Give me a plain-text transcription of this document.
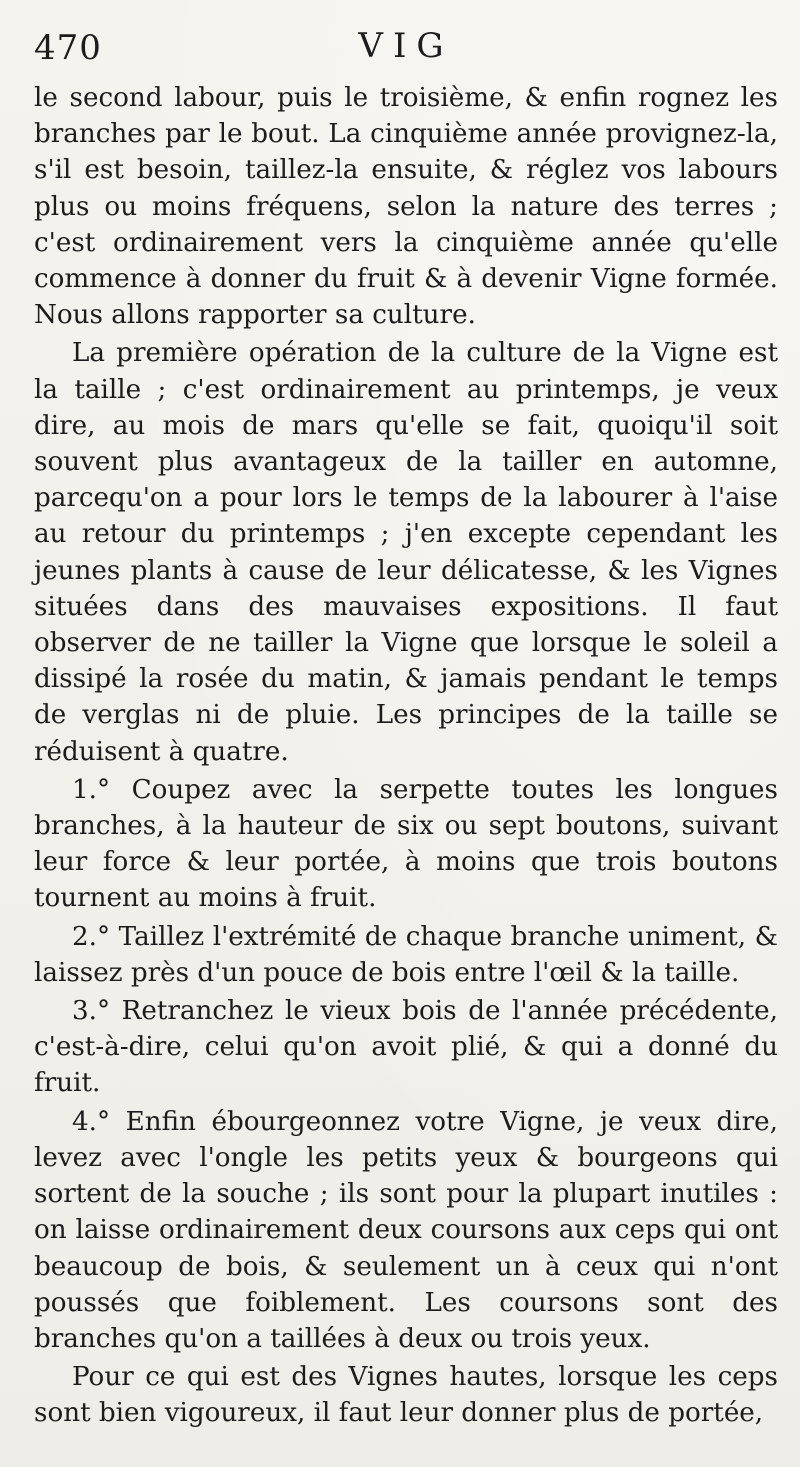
470	VIG

le second labour, puis le troisième, & enfin rognez les branches par le bout. La cinquième année provignez-la, s'il est besoin, taillez-la ensuite, & réglez vos labours plus ou moins fréquens, selon la nature des terres ; c'est ordinairement vers la cinquième année qu'elle commence à donner du fruit & à devenir Vigne formée. Nous allons rapporter sa culture.

La première opération de la culture de la Vigne est la taille ; c'est ordinairement au printemps, je veux dire, au mois de mars qu'elle se fait, quoiqu'il soit souvent plus avantageux de la tailler en automne, parcequ'on a pour lors le temps de la labourer à l'aise au retour du printemps ; j'en excepte cependant les jeunes plants à cause de leur délicatesse, & les Vignes situées dans des mauvaises expositions. Il faut observer de ne tailler la Vigne que lorsque le soleil a dissipé la rosée du matin, & jamais pendant le temps de verglas ni de pluie. Les principes de la taille se réduisent à quatre.

1.° Coupez avec la serpette toutes les longues branches, à la hauteur de six ou sept boutons, suivant leur force & leur portée, à moins que trois boutons tournent au moins à fruit.

2.° Taillez l'extrémité de chaque branche uniment, & laissez près d'un pouce de bois entre l'œil & la taille.

3.° Retranchez le vieux bois de l'année précédente, c'est-à-dire, celui qu'on avoit plié, & qui a donné du fruit.

4.° Enfin ébourgeonnez votre Vigne, je veux dire, levez avec l'ongle les petits yeux & bourgeons qui sortent de la souche ; ils sont pour la plupart inutiles : on laisse ordinairement deux coursons aux ceps qui ont beaucoup de bois, & seulement un à ceux qui n'ont poussés que foiblement. Les coursons sont des branches qu'on a taillées à deux ou trois yeux.

Pour ce qui est des Vignes hautes, lorsque les ceps sont bien vigoureux, il faut leur donner plus de portée,
